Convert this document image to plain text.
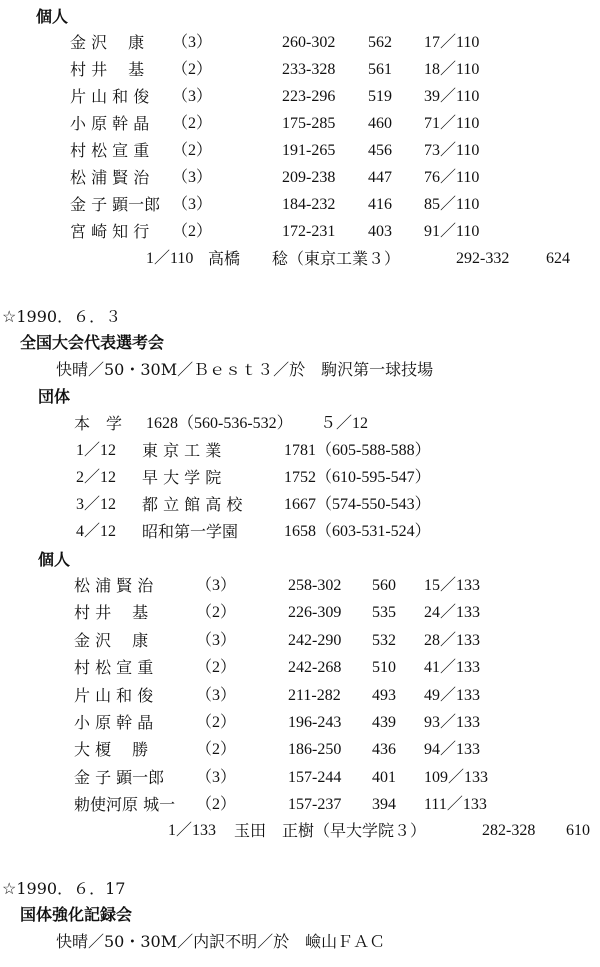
個人
金 沢 　康 （3）	260-302 562 17／110
村 井 　基 （2）	233-328 561 18／110
片 山 和 俊 （3）	223-296 519 39／110
小 原 幹 晶 （2）	175-285 460 71／110
村 松 宣 重 （2）	191-265 456 73／110
松 浦 賢 治 （3）	209-238 447 76／110
金 子 顕一郎 （3）	184-232 416 85／110
宮 崎 知 行 （2）	172-231 403 91／110
1／110 高橋　　稔（東京工業３）	292-332 624
☆1990．６．３
全国大会代表選考会
快晴／50・30M／Ｂｅｓｔ３／於　駒沢第一球技場
団体
本　学 1628（560-536-532） ５／12
1／12 東 京 工 業	1781（605-588-588）
2／12 早 大 学 院	1752（610-595-547）
3／12 都 立 館 高 校	1667（574-550-543）
4／12 昭和第一学園	1658（603-531-524）
個人
松 浦 賢 治	（3）	258-302 560 15／133
村 井 　基	（2）	226-309 535 24／133
金 沢 　康	（3）	242-290 532 28／133
村 松 宣 重	（2）	242-268 510 41／133
片 山 和 俊	（3）	211-282 493 49／133
小 原 幹 晶	（2）	196-243 439 93／133
大 榎 　勝	（2）	186-250 436 94／133
金 子 顕一郎 （3）	157-244 401 109／133
勅使河原 城一 （2）	157-237 394 111／133
1／133 玉田　正樹（早大学院３）	282-328 610
☆1990．６．17
国体強化記録会
快晴／50・30M／内訳不明／於　嶮山ＦＡＣ
